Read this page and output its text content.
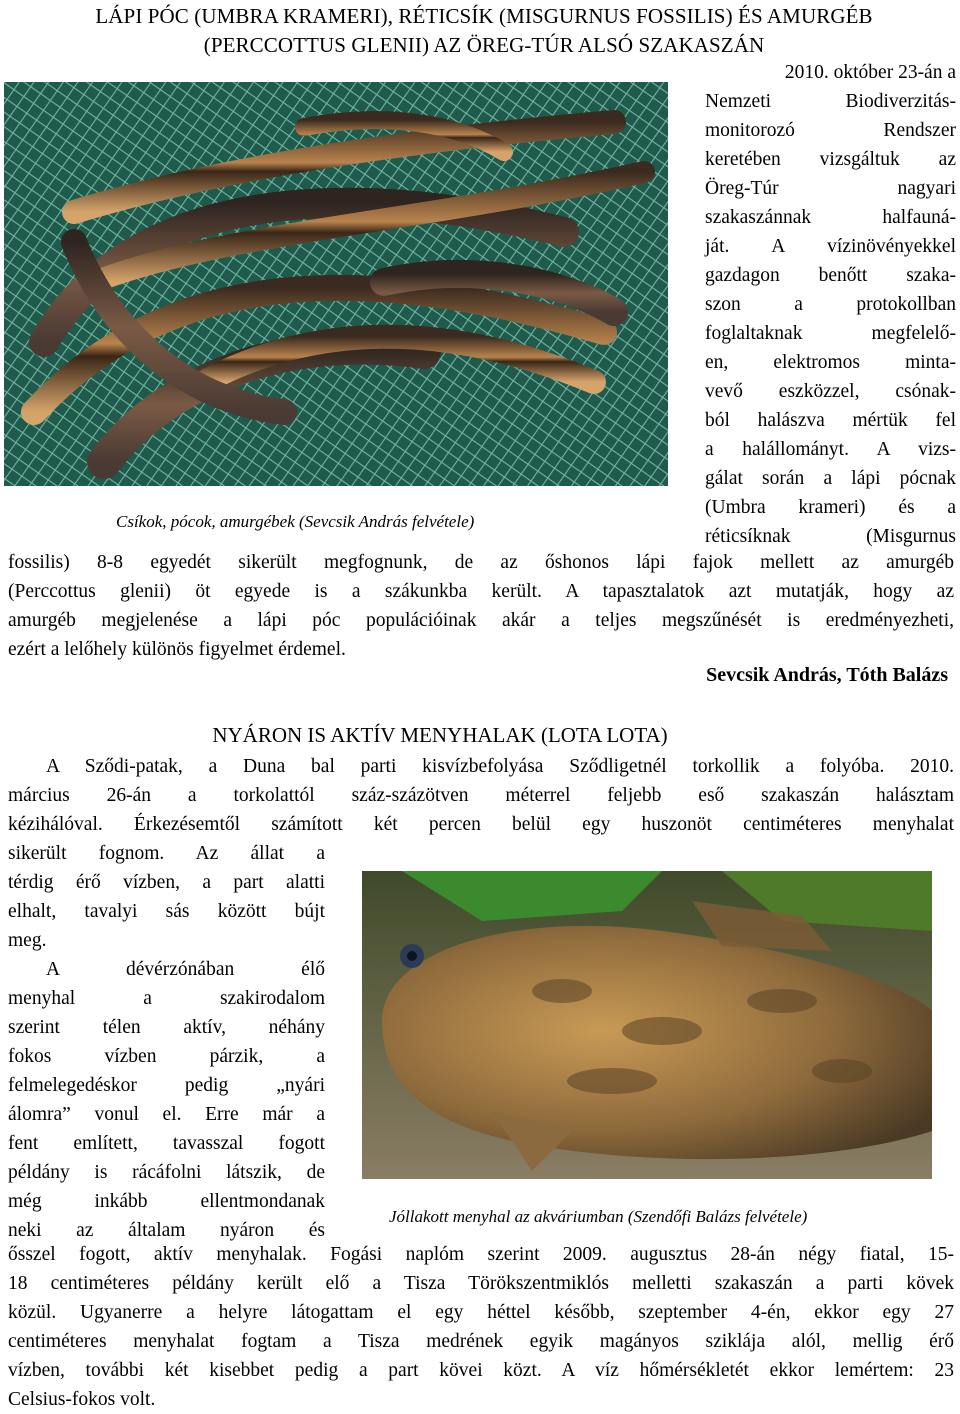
LÁPI PÓC (UMBRA KRAMERI), RÉTICSÍK (MISGURNUS FOSSILIS) ÉS AMURGÉB
(PERCCOTTUS GLENII) AZ ÖREG-TÚR ALSÓ SZAKASZÁN
Csíkok, pócok, amurgébek (Sevcsik András felvétele)
2010. október 23-án a
Nemzeti Biodiverzitás-
monitorozó Rendszer
keretében vizsgáltuk az
Öreg-Túr nagyari
szakaszánnak halfauná-
ját. A vízinövényekkel
gazdagon benőtt szaka-
szon a protokollban
foglaltaknak megfelelő-
en, elektromos minta-
vevő eszközzel, csónak-
ból halászva mértük fel
a halállományt. A vizs-
gálat során a lápi pócnak
(Umbra krameri) és a
réticsíknak (Misgurnus
fossilis) 8-8 egyedét sikerült megfognunk, de az őshonos lápi fajok mellett az amurgéb
(Perccottus glenii) öt egyede is a szákunkba került. A tapasztalatok azt mutatják, hogy az
amurgéb megjelenése a lápi póc populációinak akár a teljes megszűnését is eredményezheti,
ezért a lelőhely különös figyelmet érdemel.
Sevcsik András, Tóth Balázs
NYÁRON IS AKTÍV MENYHALAK (LOTA LOTA)
A Sződi-patak, a Duna bal parti kisvízbefolyása Sződligetnél torkollik a folyóba. 2010.
március 26-án a torkolattól száz-százötven méterrel feljebb eső szakaszán halásztam
kézihálóval. Érkezésemtől számított két percen belül egy huszonöt centiméteres menyhalat
sikerült fognom. Az állat a
térdig érő vízben, a part alatti
elhalt, tavalyi sás között bújt
meg.
A dévérzónában élő
menyhal a szakirodalom
szerint télen aktív, néhány
fokos vízben párzik, a
felmelegedéskor pedig „nyári
álomra” vonul el. Erre már a
fent említett, tavasszal fogott
példány is rácáfolni látszik, de
még inkább ellentmondanak
neki az általam nyáron és
Jóllakott menyhal az akváriumban (Szendőfi Balázs felvétele)
ősszel fogott, aktív menyhalak. Fogási naplóm szerint 2009. augusztus 28-án négy fiatal, 15-
18 centiméteres példány került elő a Tisza Törökszentmiklós melletti szakaszán a parti kövek
közül. Ugyanerre a helyre látogattam el egy héttel később, szeptember 4-én, ekkor egy 27
centiméteres menyhalat fogtam a Tisza medrének egyik magányos sziklája alól, mellig érő
vízben, további két kisebbet pedig a part kövei közt. A víz hőmérsékletét ekkor lemértem: 23
Celsius-fokos volt.
